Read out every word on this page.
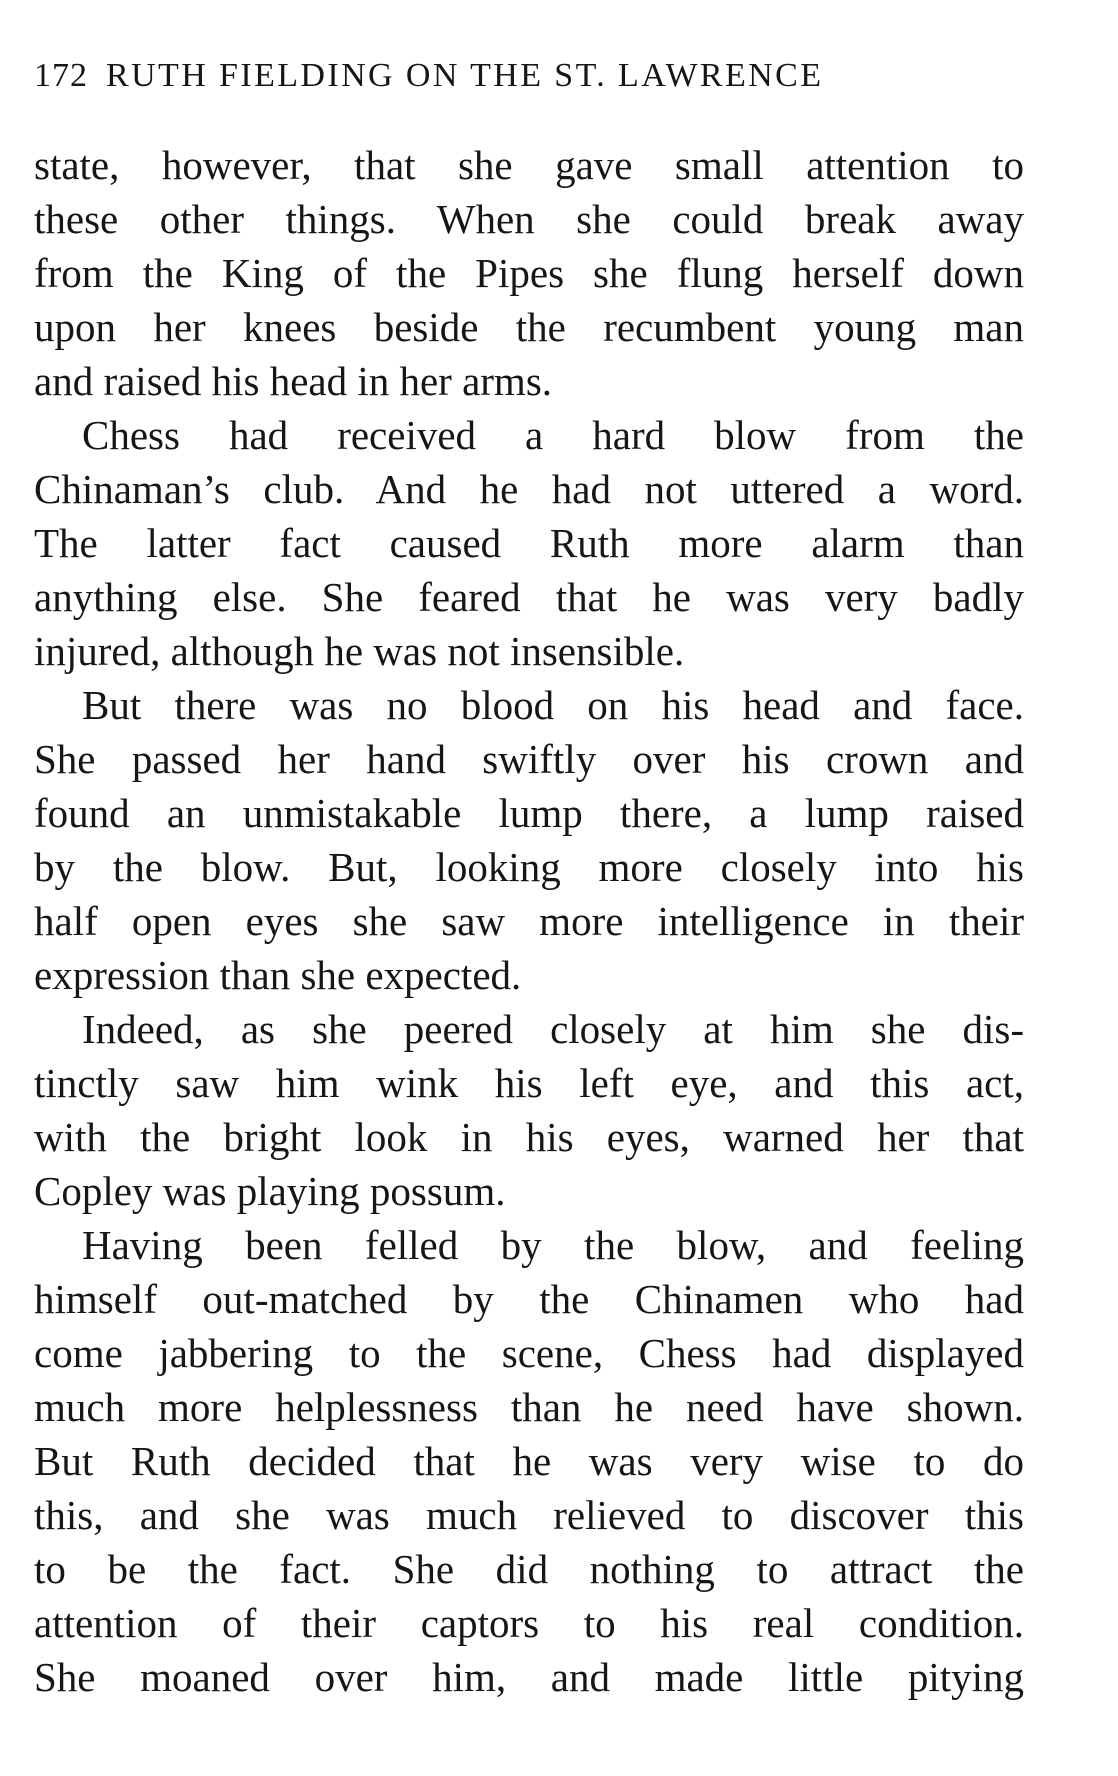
172 RUTH FIELDING ON THE ST. LAWRENCE
state, however, that she gave small attention to
these other things. When she could break away
from the King of the Pipes she flung herself down
upon her knees beside the recumbent young man
and raised his head in her arms.
Chess had received a hard blow from the
Chinaman’s club. And he had not uttered a word.
The latter fact caused Ruth more alarm than
anything else. She feared that he was very badly
injured, although he was not insensible.
But there was no blood on his head and face.
She passed her hand swiftly over his crown and
found an unmistakable lump there, a lump raised
by the blow. But, looking more closely into his
half open eyes she saw more intelligence in their
expression than she expected.
Indeed, as she peered closely at him she dis-
tinctly saw him wink his left eye, and this act,
with the bright look in his eyes, warned her that
Copley was playing possum.
Having been felled by the blow, and feeling
himself out-matched by the Chinamen who had
come jabbering to the scene, Chess had displayed
much more helplessness than he need have shown.
But Ruth decided that he was very wise to do
this, and she was much relieved to discover this
to be the fact. She did nothing to attract the
attention of their captors to his real condition.
She moaned over him, and made little pitying
